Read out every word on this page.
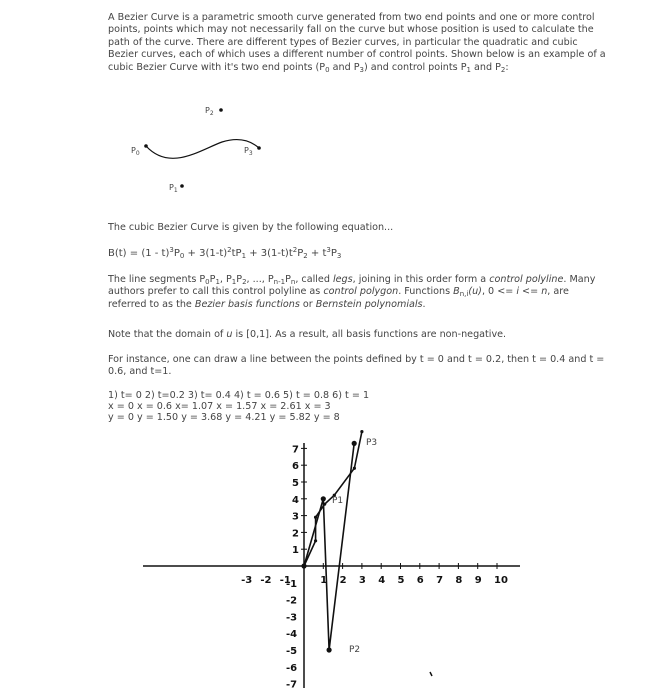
A Bezier Curve is a parametric smooth curve generated from two end points and one or more control points, points which may not necessarily fall on the curve but whose position is used to calculate the path of the curve. There are different types of Bezier curves, in particular the quadratic and cubic Bezier curves, each of which uses a different number of control points. Shown below is an example of a cubic Bezier Curve with it's two end points ($P_0$ and $P_3$) and control points $P_1$ and $P_2$:

$P_0$
$P_2$
$P_3$
$P_1$

The cubic Bezier Curve is given by the following equation...

$B(t) = (1 - t)^3P_0 + 3(1-t)^2tP_1 + 3(1-t)t^2P_2 + t^3P_3$

The line segments $P_0P_1$, $P_1P_2$, ..., $P_{n-1}P_n$, called legs, joining in this order form a control polyline. Many authors prefer to call this control polyline as control polygon. Functions $B_{n,i}(u)$, 0 <= i <= n, are referred to as the Bezier basis functions or Bernstein polynomials.

Note that the domain of u is [0,1]. As a result, all basis functions are non-negative.

For instance, one can draw a line between the points defined by t = 0 and t = 0.2, then t = 0.4 and t = 0.6, and t=1.

1) t= 0 2) t=0.2 3) t= 0.4 4) t = 0.6 5) t = 0.8 6) t = 1
x = 0 x = 0.6 x= 1.07 x = 1.57 x = 2.61 x = 3
y = 0 y = 1.50 y = 3.68 y = 4.21 y = 5.82 y = 8
-3 -2 -1	1 2 3 4 5 6 7 8 9 10
1
2
3
4
5
6
7
-1
-2
-3
-4
-5
-6
-7
P1
P2
P3
